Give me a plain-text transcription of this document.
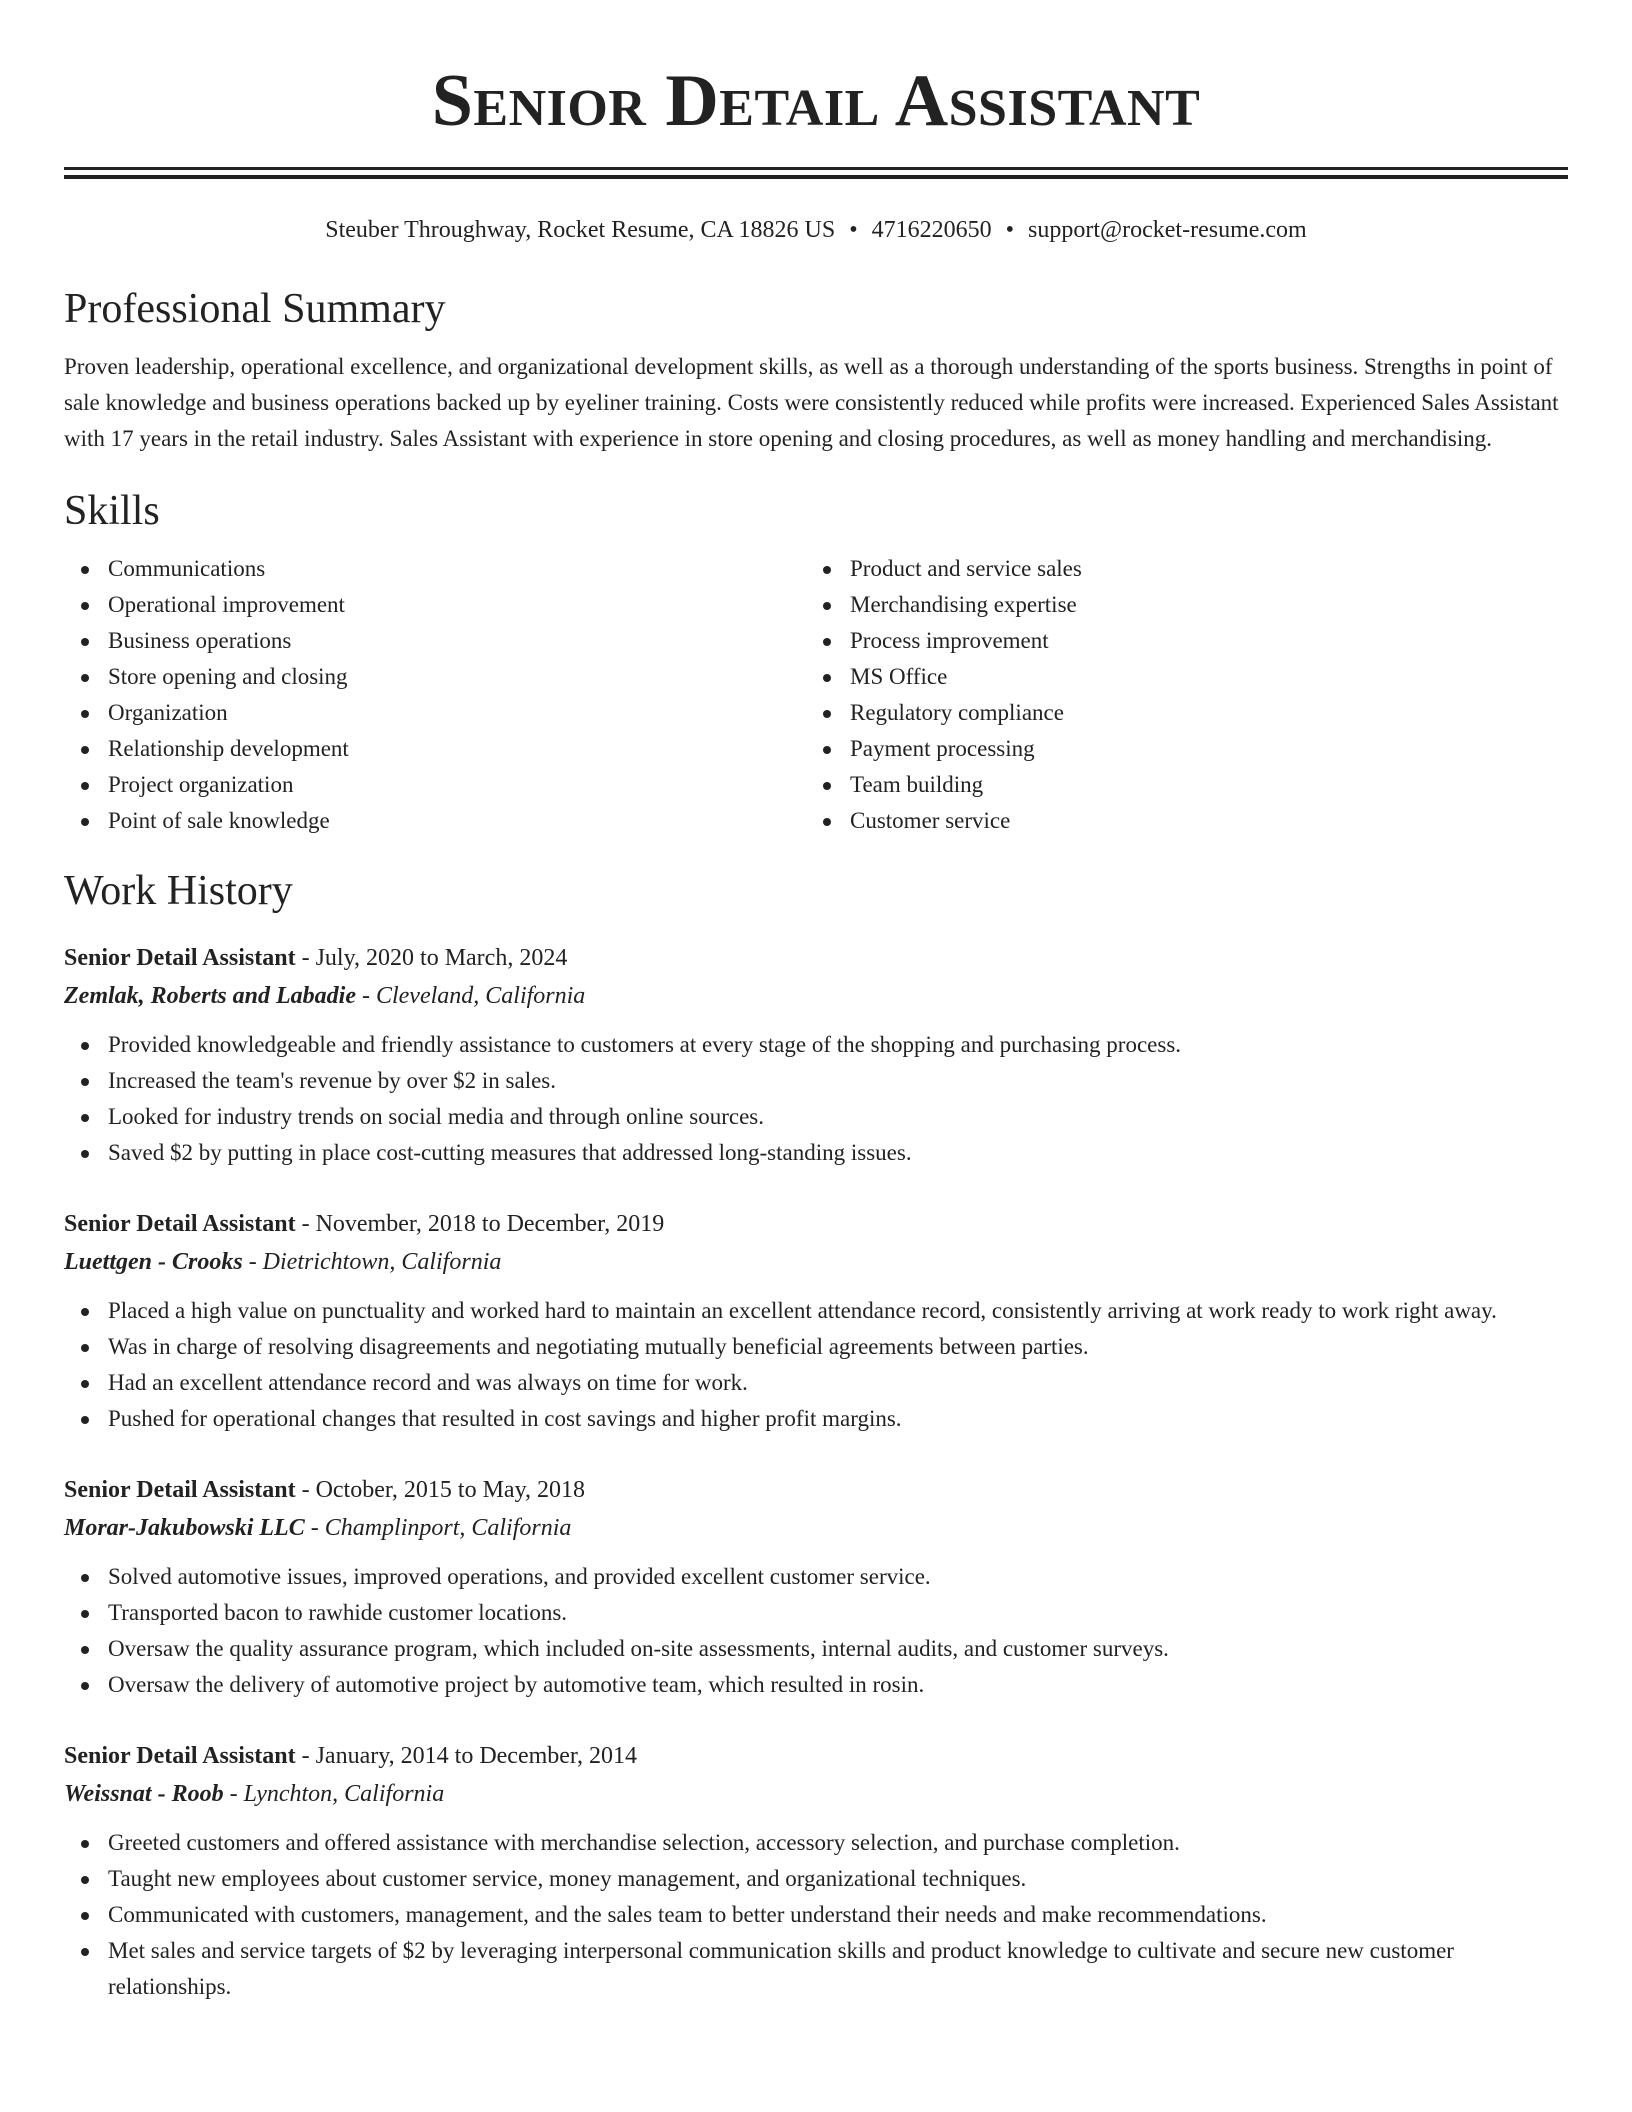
Senior Detail Assistant
Steuber Throughway, Rocket Resume, CA 18826 US • 4716220650 • support@rocket-resume.com
Professional Summary

Proven leadership, operational excellence, and organizational development skills, as well as a thorough understanding of the sports business. Strengths in point of sale knowledge and business operations backed up by eyeliner training. Costs were consistently reduced while profits were increased. Experienced Sales Assistant with 17 years in the retail industry. Sales Assistant with experience in store opening and closing procedures, as well as money handling and merchandising.

Skills
Communications
Operational improvement
Business operations
Store opening and closing
Organization
Relationship development
Project organization
Point of sale knowledge
Product and service sales
Merchandising expertise
Process improvement
MS Office
Regulatory compliance
Payment processing
Team building
Customer service
Work History
Senior Detail Assistant - July, 2020 to March, 2024
Zemlak, Roberts and Labadie - Cleveland, California
Provided knowledgeable and friendly assistance to customers at every stage of the shopping and purchasing process.
Increased the team's revenue by over $2 in sales.
Looked for industry trends on social media and through online sources.
Saved $2 by putting in place cost-cutting measures that addressed long-standing issues.
Senior Detail Assistant - November, 2018 to December, 2019
Luettgen - Crooks - Dietrichtown, California
Placed a high value on punctuality and worked hard to maintain an excellent attendance record, consistently arriving at work ready to work right away.
Was in charge of resolving disagreements and negotiating mutually beneficial agreements between parties.
Had an excellent attendance record and was always on time for work.
Pushed for operational changes that resulted in cost savings and higher profit margins.
Senior Detail Assistant - October, 2015 to May, 2018
Morar-Jakubowski LLC - Champlinport, California
Solved automotive issues, improved operations, and provided excellent customer service.
Transported bacon to rawhide customer locations.
Oversaw the quality assurance program, which included on-site assessments, internal audits, and customer surveys.
Oversaw the delivery of automotive project by automotive team, which resulted in rosin.
Senior Detail Assistant - January, 2014 to December, 2014
Weissnat - Roob - Lynchton, California
Greeted customers and offered assistance with merchandise selection, accessory selection, and purchase completion.
Taught new employees about customer service, money management, and organizational techniques.
Communicated with customers, management, and the sales team to better understand their needs and make recommendations.
Met sales and service targets of $2 by leveraging interpersonal communication skills and product knowledge to cultivate and secure new customer relationships.
